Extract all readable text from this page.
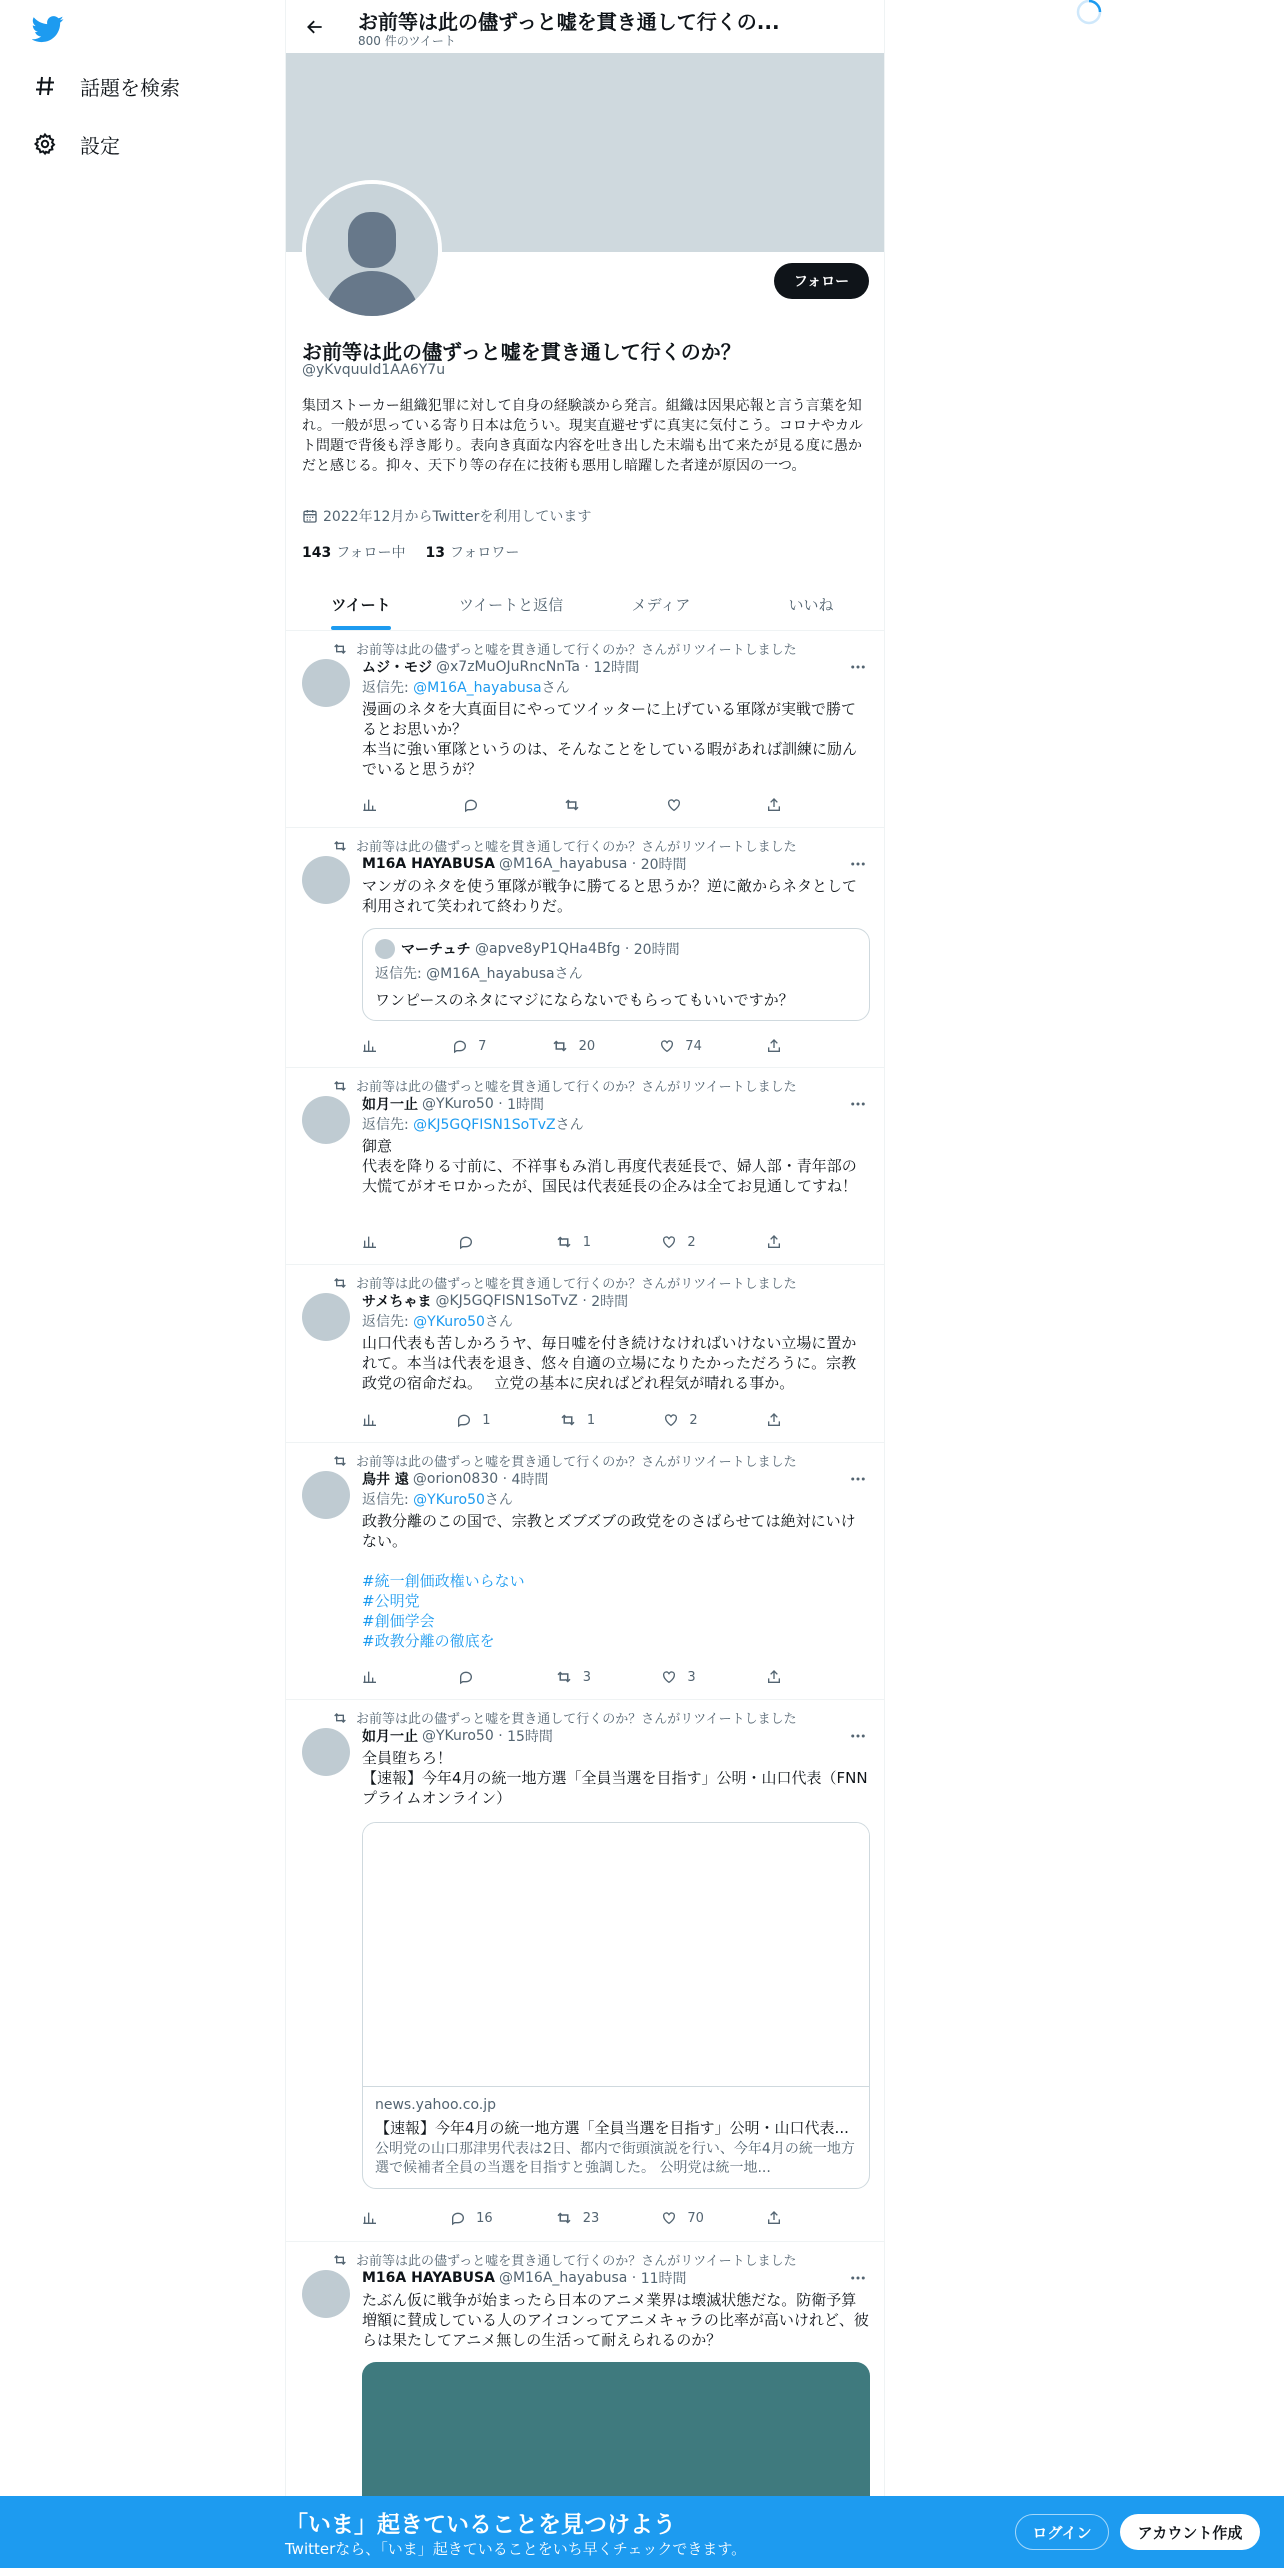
話題を検索
設定
お前等は此の儘ずっと嘘を貫き通して行くの...
800 件のツイート
フォロー
お前等は此の儘ずっと嘘を貫き通して行くのか？
@yKvquuId1AA6Y7u
集団ストーカー組織犯罪に対して自身の経験談から発言。組織は因果応報と言う言葉を知れ。一般が思っている寄り日本は危うい。現実直避せずに真実に気付こう。コロナやカルト問題で背後も浮き彫り。表向き真面な内容を吐き出した末端も出て来たが見る度に愚かだと感じる。抑々、天下り等の存在に技術も悪用し暗躍した者達が原因の一つ。
2022年12月からTwitterを利用しています
143 フォロー中 13 フォロワー
ツイート	ツイートと返信	メディア	いいね
お前等は此の儘ずっと嘘を貫き通して行くのか？さんがリツイートしました
ムジ・モジ @x7zMuOJuRncNnTa · 12時間
返信先: @M16A_hayabusaさん
漫画のネタを大真面目にやってツイッターに上げている軍隊が実戦で勝てるとお思いか？
本当に強い軍隊というのは、そんなことをしている暇があれば訓練に励んでいると思うが？
お前等は此の儘ずっと嘘を貫き通して行くのか？さんがリツイートしました
M16A HAYABUSA @M16A_hayabusa · 20時間
マンガのネタを使う軍隊が戦争に勝てると思うか？逆に敵からネタとして利用されて笑われて終わりだ。
マーチュチ
@apve8yP1QHa4Bfg · 20時間
返信先: @M16A_hayabusaさん
ワンピースのネタにマジにならないでもらってもいいですか？
7	20	74
お前等は此の儘ずっと嘘を貫き通して行くのか？さんがリツイートしました
如月一止 @YKuro50 · 1時間
返信先: @KJ5GQFISN1SoTvZさん
御意
代表を降りる寸前に、不祥事もみ消し再度代表延長で、婦人部・青年部の大慌てがオモロかったが、国民は代表延長の企みは全てお見通してすね！
1	2
お前等は此の儘ずっと嘘を貫き通して行くのか？さんがリツイートしました
サメちゃま @KJ5GQFISN1SoTvZ · 2時間
返信先: @YKuro50さん
山口代表も苦しかろうヤ、毎日嘘を付き続けなければいけない立場に置かれて。本当は代表を退き、悠々自適の立場になりたかっただろうに。宗教政党の宿命だね。　 立党の基本に戻ればどれ程気が晴れる事か。
1	1	2
お前等は此の儘ずっと嘘を貫き通して行くのか？さんがリツイートしました
鳥井 遠 @orion0830 · 4時間
返信先: @YKuro50さん
政教分離のこの国で、宗教とズブズブの政党をのさばらせては絶対にいけない。
#統一創価政権いらない
#公明党
#創価学会
#政教分離の徹底を
3	3
お前等は此の儘ずっと嘘を貫き通して行くのか？さんがリツイートしました
如月一止 @YKuro50 · 15時間
全員堕ちろ！
【速報】今年4月の統一地方選「全員当選を目指す」公明・山口代表（FNNプライムオンライン）
news.yahoo.co.jp
【速報】今年4月の統一地方選「全員当選を目指す」公明・山口代表...
公明党の山口那津男代表は2日、都内で街頭演説を行い、今年4月の統一地方選で候補者全員の当選を目指すと強調した。 公明党は統一地...
16	23	70
お前等は此の儘ずっと嘘を貫き通して行くのか？さんがリツイートしました
M16A HAYABUSA @M16A_hayabusa · 11時間
たぶん仮に戦争が始まったら日本のアニメ業界は壊滅状態だな。防衛予算増額に賛成している人のアイコンってアニメキャラの比率が高いけれど、彼らは果たしてアニメ無しの生活って耐えられるのか？
「いま」起きていることを見つけよう
Twitterなら、「いま」起きていることをいち早くチェックできます。
ログイン	アカウント作成
